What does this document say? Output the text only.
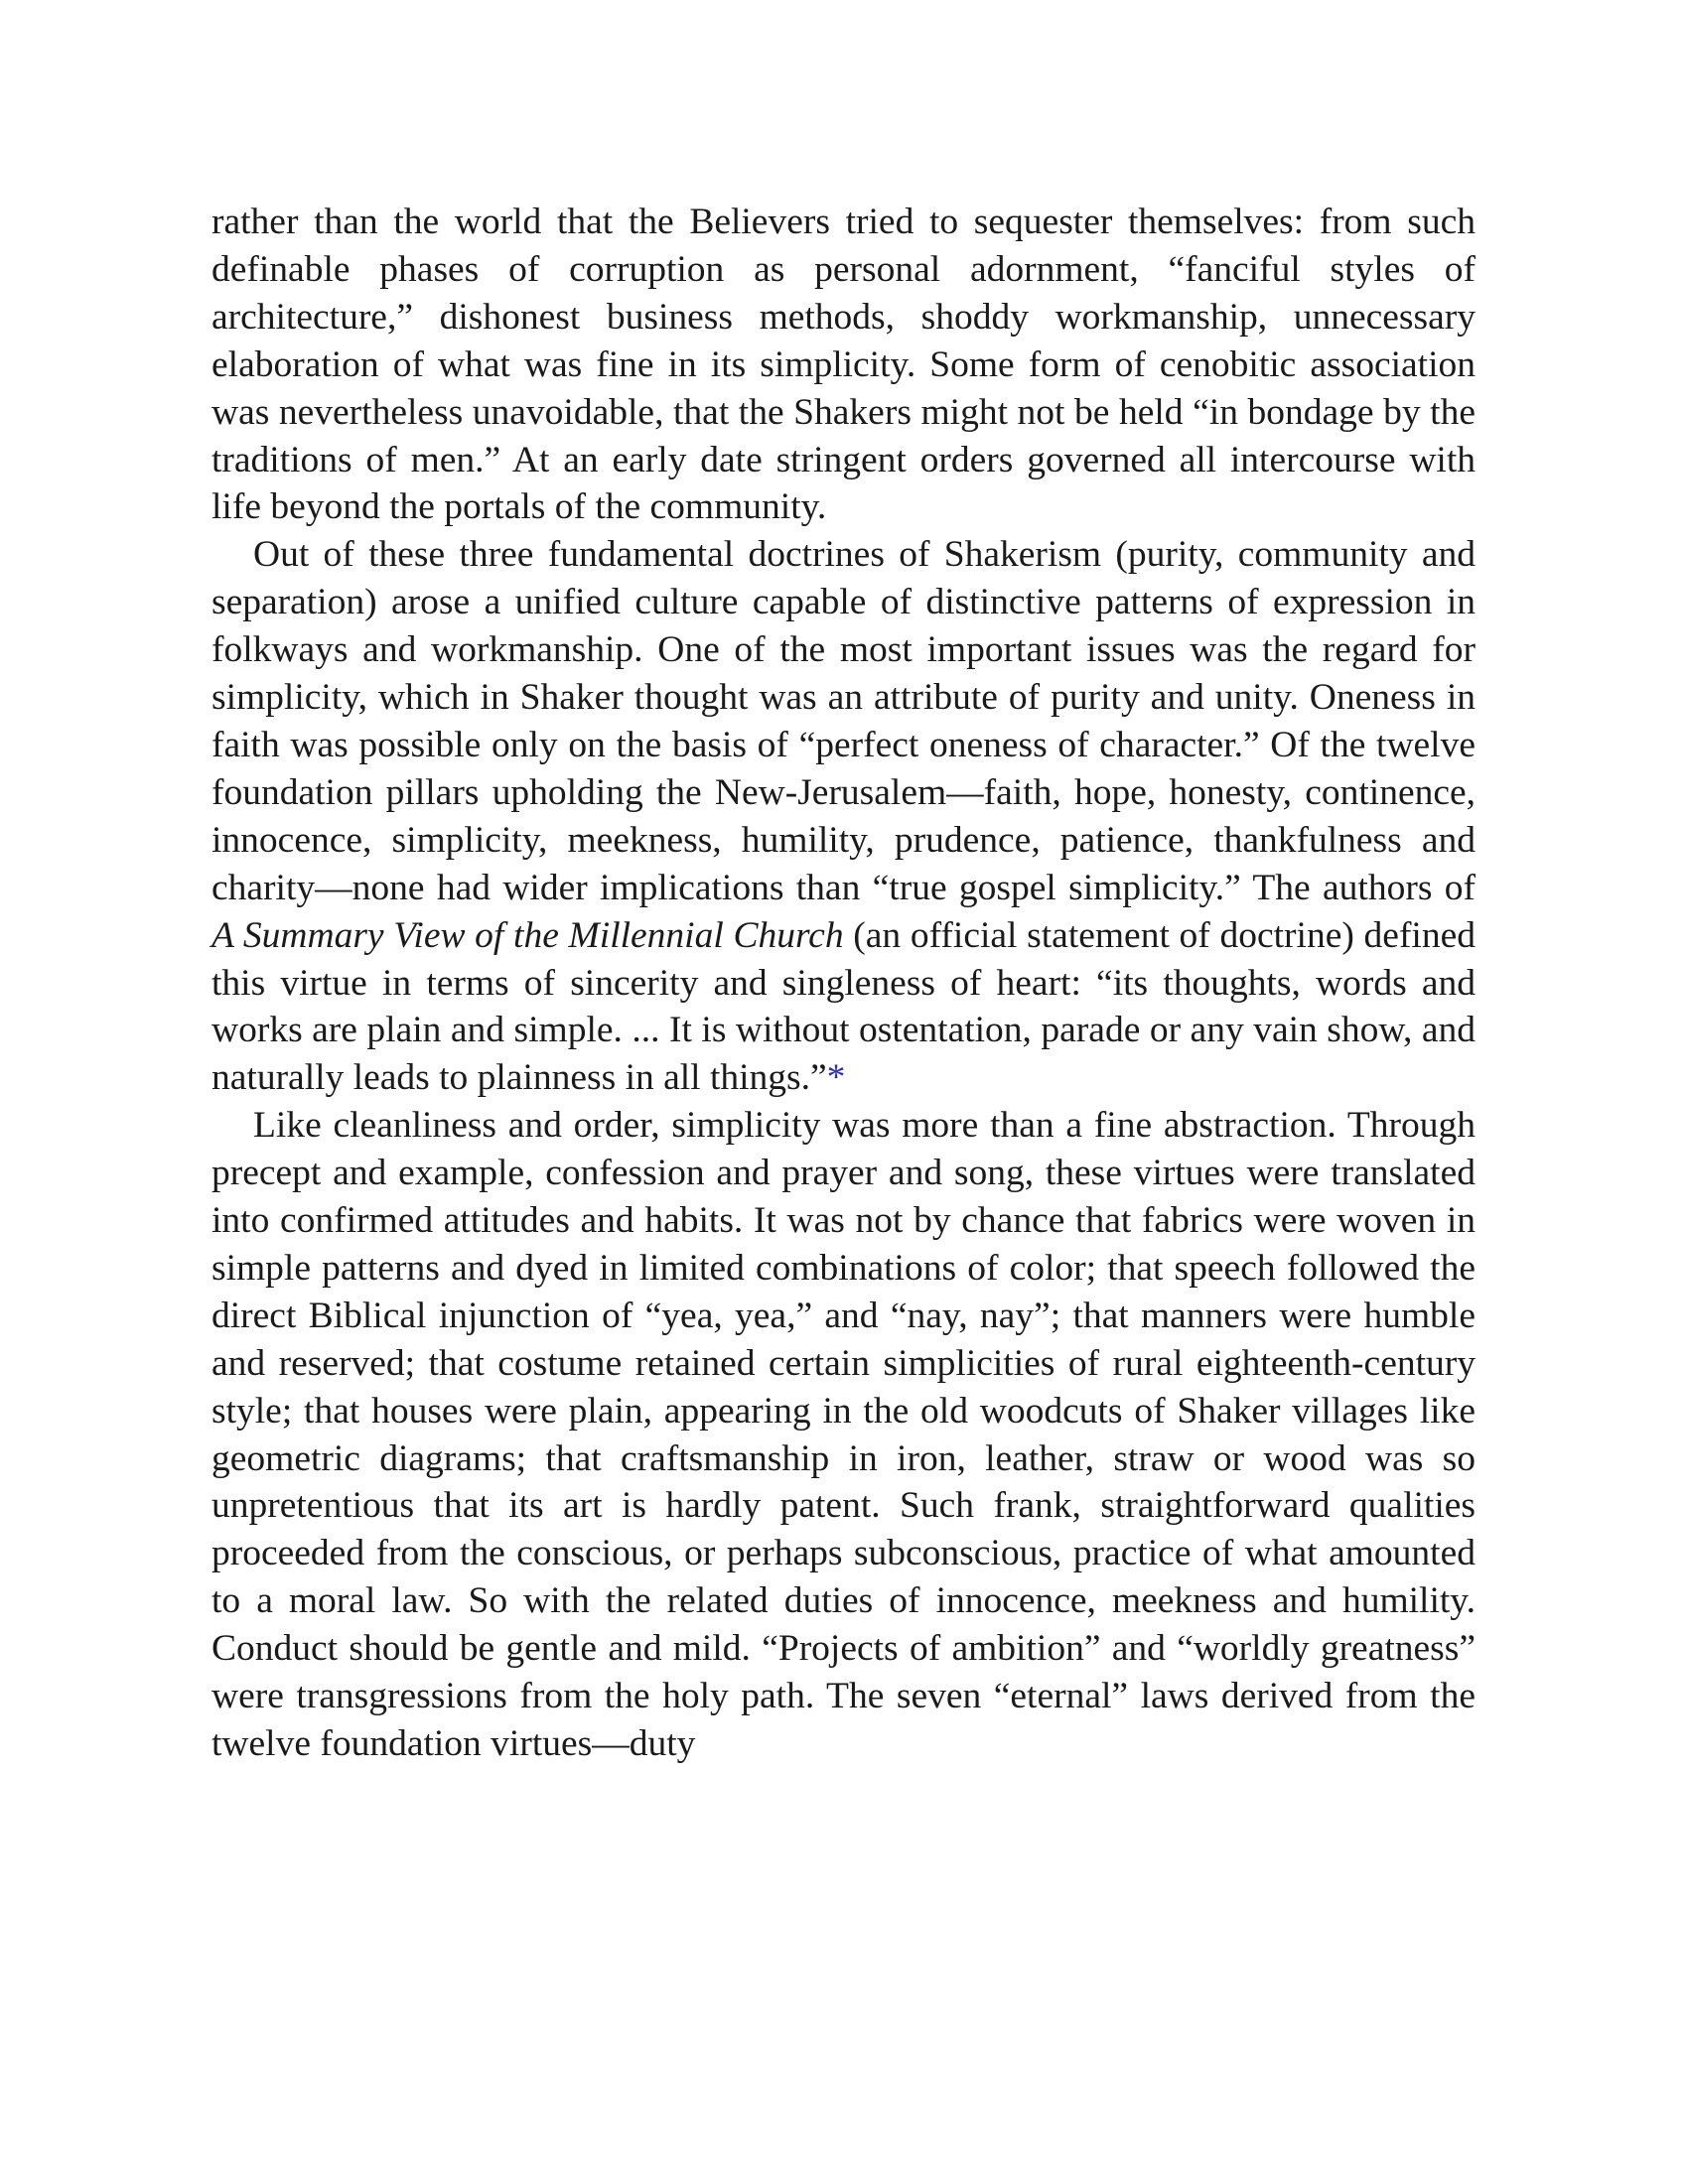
rather than the world that the Believers tried to sequester themselves: from such definable phases of corruption as personal adornment, “fanciful styles of architecture,” dishonest business methods, shoddy workmanship, unnecessary elaboration of what was fine in its simplicity. Some form of cenobitic association was nevertheless unavoidable, that the Shakers might not be held “in bondage by the traditions of men.” At an early date stringent orders governed all intercourse with life beyond the portals of the community.

Out of these three fundamental doctrines of Shakerism (purity, community and separation) arose a unified culture capable of distinctive patterns of expression in folkways and workmanship. One of the most important issues was the regard for simplicity, which in Shaker thought was an attribute of purity and unity. Oneness in faith was possible only on the basis of “perfect oneness of character.” Of the twelve foundation pillars upholding the New-Jerusalem—faith, hope, honesty, continence, innocence, simplicity, meekness, humility, prudence, patience, thankfulness and charity—none had wider implications than “true gospel simplicity.” The authors of A Summary View of the Millennial Church (an official statement of doctrine) defined this virtue in terms of sincerity and singleness of heart: “its thoughts, words and works are plain and simple. ... It is without ostentation, parade or any vain show, and naturally leads to plainness in all things.”*

Like cleanliness and order, simplicity was more than a fine abstraction. Through precept and example, confession and prayer and song, these virtues were translated into confirmed attitudes and habits. It was not by chance that fabrics were woven in simple patterns and dyed in limited combinations of color; that speech followed the direct Biblical injunction of “yea, yea,” and “nay, nay”; that manners were humble and reserved; that costume retained certain simplicities of rural eighteenth-century style; that houses were plain, appearing in the old woodcuts of Shaker villages like geometric diagrams; that craftsmanship in iron, leather, straw or wood was so unpretentious that its art is hardly patent. Such frank, straightforward qualities proceeded from the conscious, or perhaps subconscious, practice of what amounted to a moral law. So with the related duties of innocence, meekness and humility. Conduct should be gentle and mild. “Projects of ambition” and “worldly greatness” were transgressions from the holy path. The seven “eternal” laws derived from the twelve foundation virtues—duty
